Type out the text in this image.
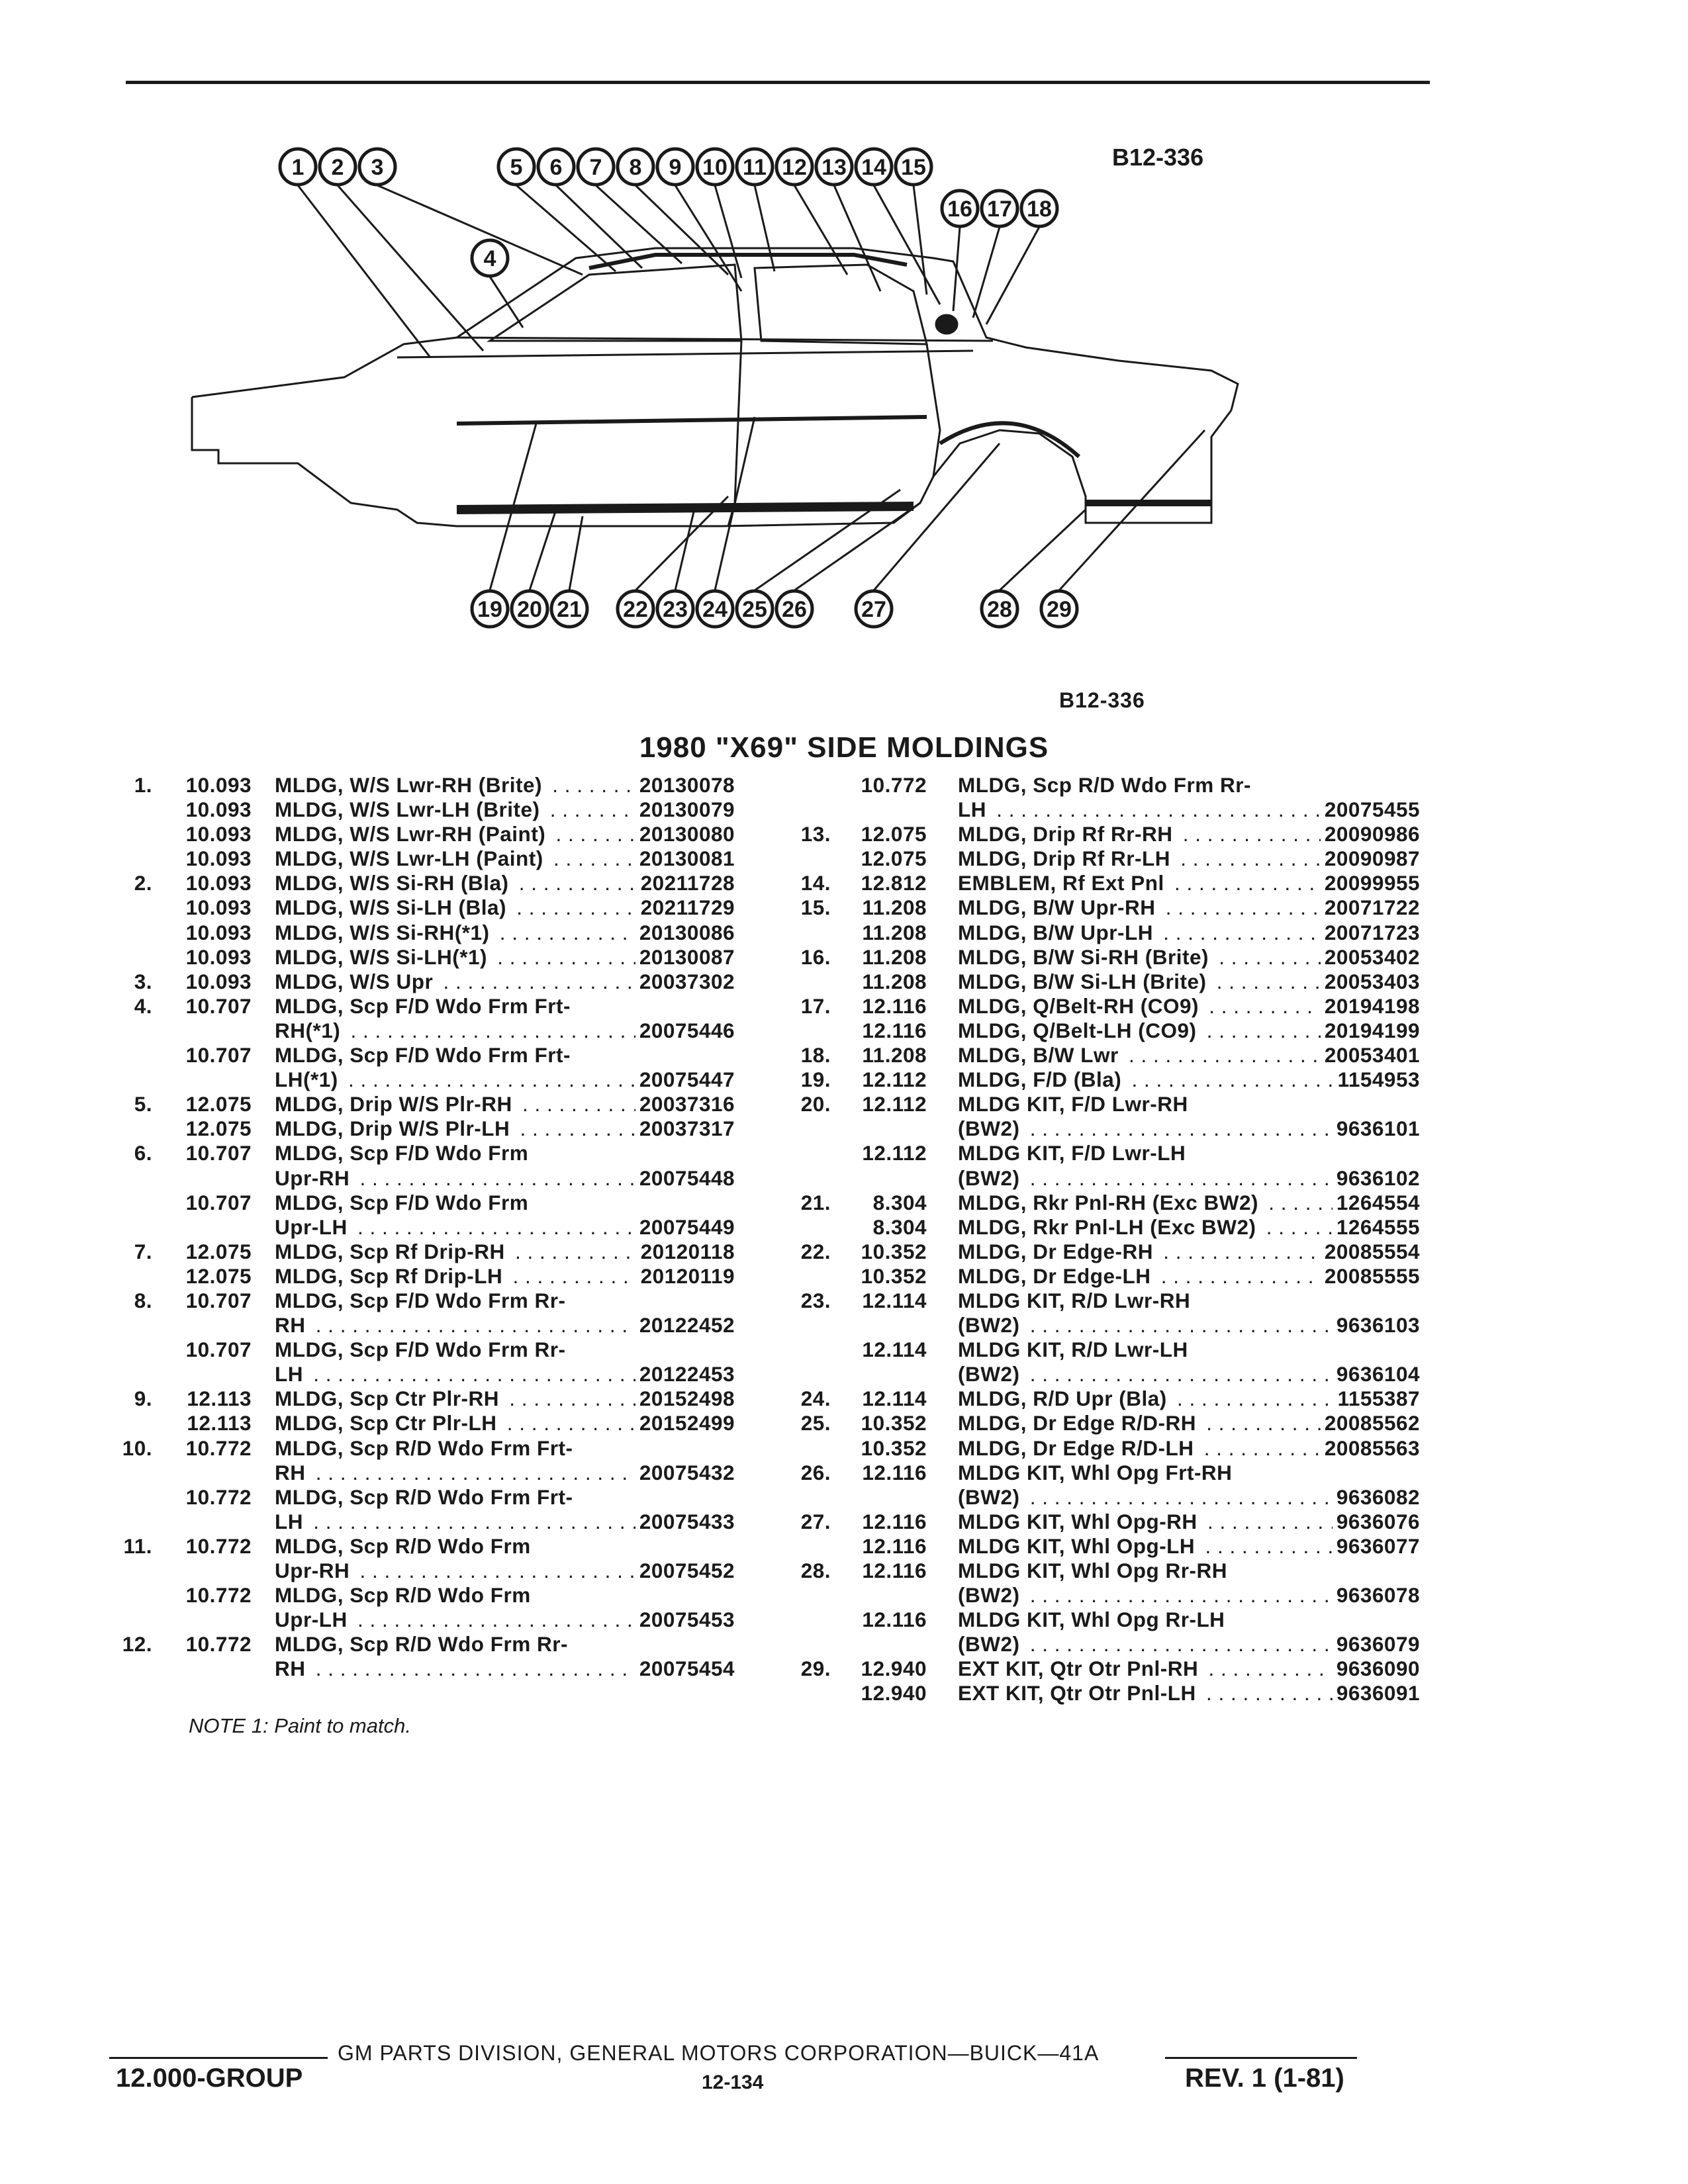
1 2 3
4
5 6 7 8 9 10 11 12 13 14 15
16 17 18
19 20 21 22 23 24 25 26 27	28 29
B12-336
B12-336
1980 "X69" SIDE MOLDINGS
1.	10.093 MLDG, W/S Lwr-RH (Brite) . . .	20130078
10.093 MLDG, W/S Lwr-LH (Brite) . . .	20130079
10.093 MLDG, W/S Lwr-RH (Paint) . . .	20130080
10.093 MLDG, W/S Lwr-LH (Paint) . . .	20130081
2.	10.093 MLDG, W/S Si-RH (Bla) . . .	20211728
10.093 MLDG, W/S Si-LH (Bla) . . .	20211729
10.093 MLDG, W/S Si-RH(*1) . . .	20130086
10.093 MLDG, W/S Si-LH(*1) . . .	20130087
3.	10.093 MLDG, W/S Upr . . .	20037302
4.	10.707 MLDG, Scp F/D Wdo Frm Frt-
RH(*1) . . .	20075446
10.707 MLDG, Scp F/D Wdo Frm Frt-
LH(*1) . . .	20075447
5.	12.075 MLDG, Drip W/S Plr-RH . . .	20037316
12.075 MLDG, Drip W/S Plr-LH . . .	20037317
6.	10.707 MLDG, Scp F/D Wdo Frm
Upr-RH . . .	20075448
10.707 MLDG, Scp F/D Wdo Frm
Upr-LH . . .	20075449
7.	12.075 MLDG, Scp Rf Drip-RH . . .	20120118
12.075 MLDG, Scp Rf Drip-LH . . .	20120119
8.	10.707 MLDG, Scp F/D Wdo Frm Rr-
RH . . .	20122452
10.707 MLDG, Scp F/D Wdo Frm Rr-
LH . . .	20122453
9.	12.113 MLDG, Scp Ctr Plr-RH . . .	20152498
12.113 MLDG, Scp Ctr Plr-LH . . .	20152499
10.	10.772 MLDG, Scp R/D Wdo Frm Frt-
RH . . .	20075432
10.772 MLDG, Scp R/D Wdo Frm Frt-
LH . . .	20075433
11.	10.772 MLDG, Scp R/D Wdo Frm
Upr-RH . . .	20075452
10.772 MLDG, Scp R/D Wdo Frm
Upr-LH . . .	20075453
12.	10.772 MLDG, Scp R/D Wdo Frm Rr-
RH . . .	20075454
10.772 MLDG, Scp R/D Wdo Frm Rr-
LH . . .	20075455
13.	12.075 MLDG, Drip Rf Rr-RH . . .	20090986
12.075 MLDG, Drip Rf Rr-LH . . .	20090987
14.	12.812 EMBLEM, Rf Ext Pnl . . .	20099955
15.	11.208 MLDG, B/W Upr-RH . . .	20071722
11.208 MLDG, B/W Upr-LH . . .	20071723
16.	11.208 MLDG, B/W Si-RH (Brite) . . .	20053402
11.208 MLDG, B/W Si-LH (Brite) . . .	20053403
17.	12.116 MLDG, Q/Belt-RH (CO9) . . .	20194198
12.116 MLDG, Q/Belt-LH (CO9) . . .	20194199
18.	11.208 MLDG, B/W Lwr . . .	20053401
19.	12.112 MLDG, F/D (Bla) . . .	1154953
20.	12.112 MLDG KIT, F/D Lwr-RH
(BW2) . . .	9636101
12.112 MLDG KIT, F/D Lwr-LH
(BW2) . . .	9636102
21.	8.304 MLDG, Rkr Pnl-RH (Exc BW2) . . .	1264554
8.304 MLDG, Rkr Pnl-LH (Exc BW2) . . .	1264555
22.	10.352 MLDG, Dr Edge-RH . . .	20085554
10.352 MLDG, Dr Edge-LH . . .	20085555
23.	12.114 MLDG KIT, R/D Lwr-RH
(BW2) . . .	9636103
12.114 MLDG KIT, R/D Lwr-LH
(BW2) . . .	9636104
24.	12.114 MLDG, R/D Upr (Bla) . . .	1155387
25.	10.352 MLDG, Dr Edge R/D-RH . . .	20085562
10.352 MLDG, Dr Edge R/D-LH . . .	20085563
26.	12.116 MLDG KIT, Whl Opg Frt-RH
(BW2) . . .	9636082
27.	12.116 MLDG KIT, Whl Opg-RH . . .	9636076
12.116 MLDG KIT, Whl Opg-LH . . .	9636077
28.	12.116 MLDG KIT, Whl Opg Rr-RH
(BW2) . . .	9636078
12.116 MLDG KIT, Whl Opg Rr-LH
(BW2) . . .	9636079
29.	12.940 EXT KIT, Qtr Otr Pnl-RH . . .	9636090
12.940 EXT KIT, Qtr Otr Pnl-LH . . .	9636091
NOTE 1: Paint to match.
GM PARTS DIVISION, GENERAL MOTORS CORPORATION—BUICK—41A
12.000-GROUP	12-134	REV. 1 (1-81)
